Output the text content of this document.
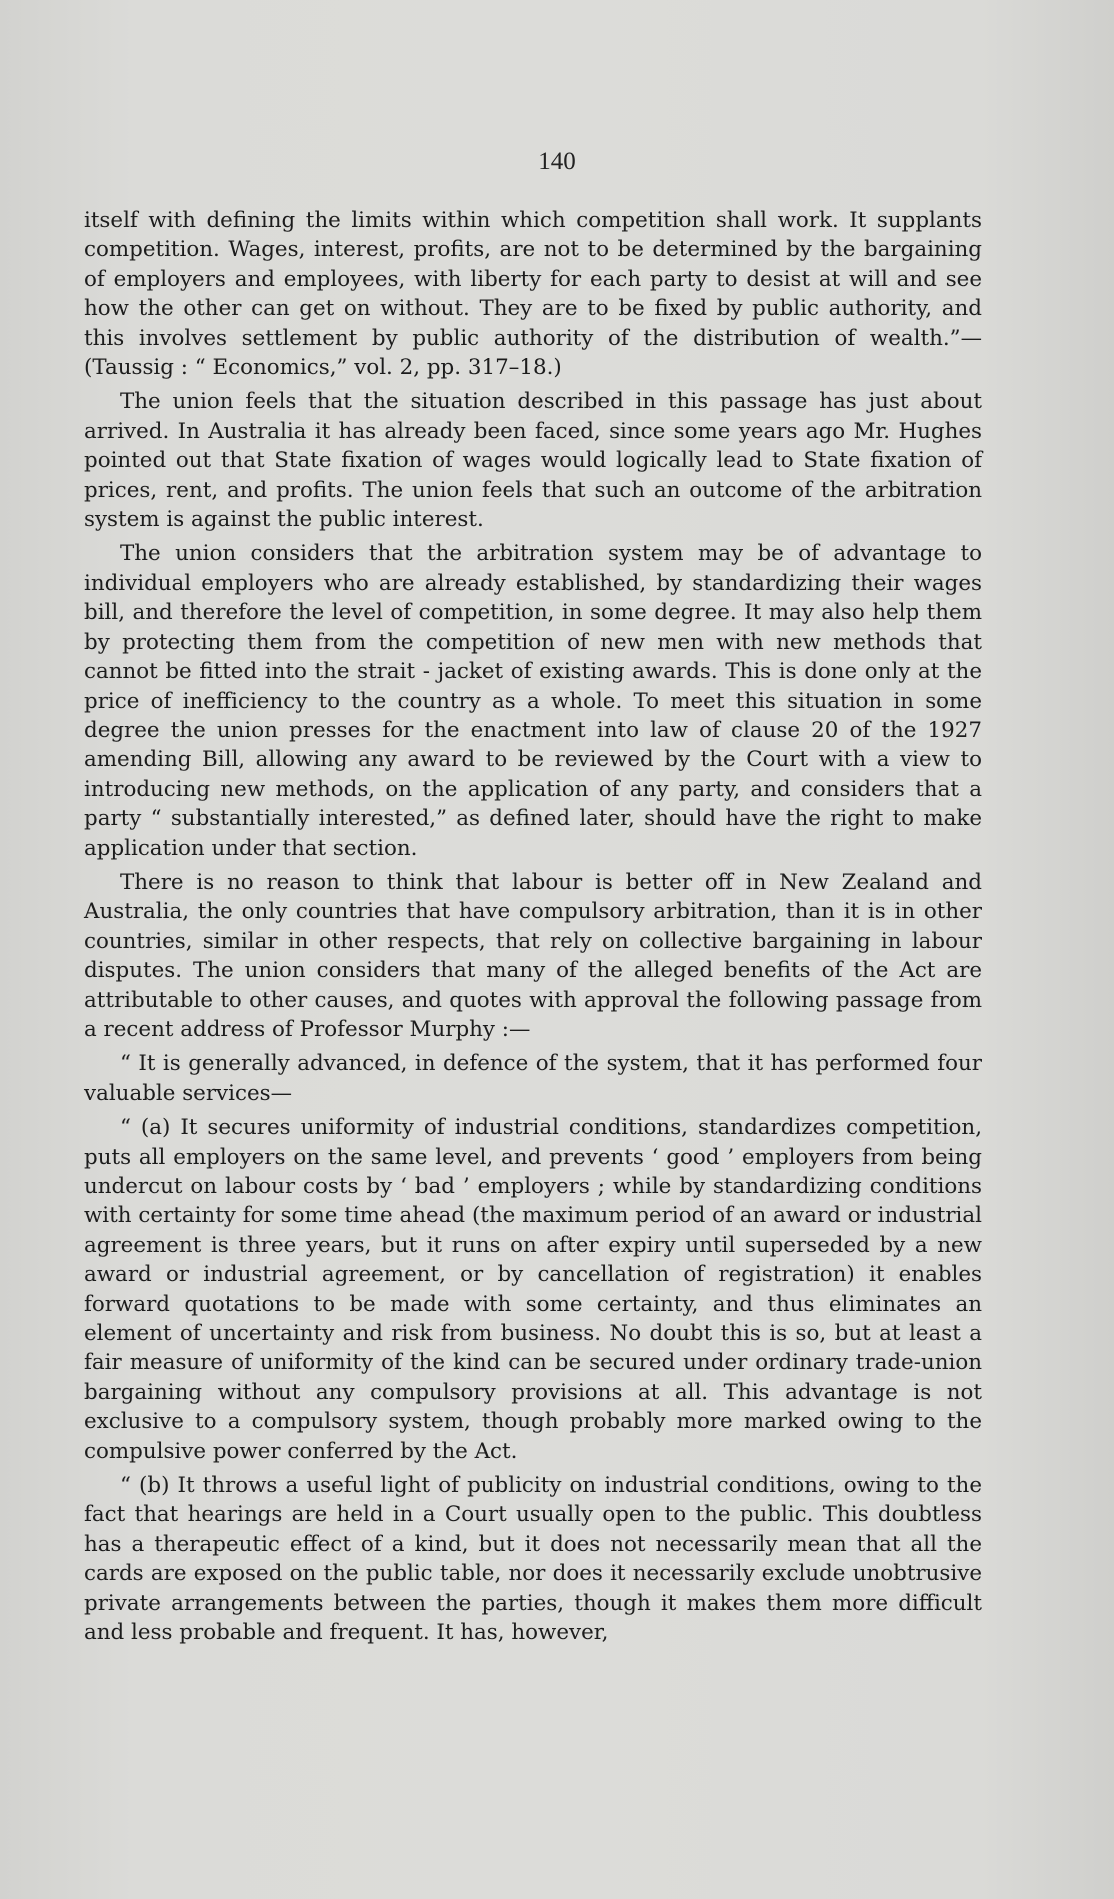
140

itself with defining the limits within which competition shall work. It supplants competition. Wages, interest, profits, are not to be determined by the bargaining of employers and employees, with liberty for each party to desist at will and see how the other can get on without. They are to be fixed by public authority, and this involves settlement by public authority of the distribution of wealth.”—(Taussig : “ Economics,” vol. 2, pp. 317–18.)

The union feels that the situation described in this passage has just about arrived. In Australia it has already been faced, since some years ago Mr. Hughes pointed out that State fixation of wages would logically lead to State fixation of prices, rent, and profits. The union feels that such an outcome of the arbitration system is against the public interest.

The union considers that the arbitration system may be of advantage to individual employers who are already established, by standardizing their wages bill, and therefore the level of competition, in some degree. It may also help them by protecting them from the competition of new men with new methods that cannot be fitted into the strait - jacket of existing awards. This is done only at the price of inefficiency to the country as a whole. To meet this situation in some degree the union presses for the enactment into law of clause 20 of the 1927 amending Bill, allowing any award to be reviewed by the Court with a view to introducing new methods, on the application of any party, and considers that a party “ substantially interested,” as defined later, should have the right to make application under that section.

There is no reason to think that labour is better off in New Zealand and Australia, the only countries that have compulsory arbitration, than it is in other countries, similar in other respects, that rely on collective bargaining in labour disputes. The union considers that many of the alleged benefits of the Act are attributable to other causes, and quotes with approval the following passage from a recent address of Professor Murphy :—

“ It is generally advanced, in defence of the system, that it has performed four valuable services—

“ (a) It secures uniformity of industrial conditions, standardizes competition, puts all employers on the same level, and prevents ‘ good ’ employers from being undercut on labour costs by ‘ bad ’ employers ; while by standardizing conditions with certainty for some time ahead (the maximum period of an award or industrial agreement is three years, but it runs on after expiry until superseded by a new award or industrial agreement, or by cancellation of registration) it enables forward quotations to be made with some certainty, and thus eliminates an element of uncertainty and risk from business. No doubt this is so, but at least a fair measure of uniformity of the kind can be secured under ordinary trade-union bargaining without any compulsory provisions at all. This advantage is not exclusive to a compulsory system, though probably more marked owing to the compulsive power conferred by the Act.

“ (b) It throws a useful light of publicity on industrial conditions, owing to the fact that hearings are held in a Court usually open to the public. This doubtless has a therapeutic effect of a kind, but it does not necessarily mean that all the cards are exposed on the public table, nor does it necessarily exclude unobtrusive private arrangements between the parties, though it makes them more difficult and less probable and frequent. It has, however,
